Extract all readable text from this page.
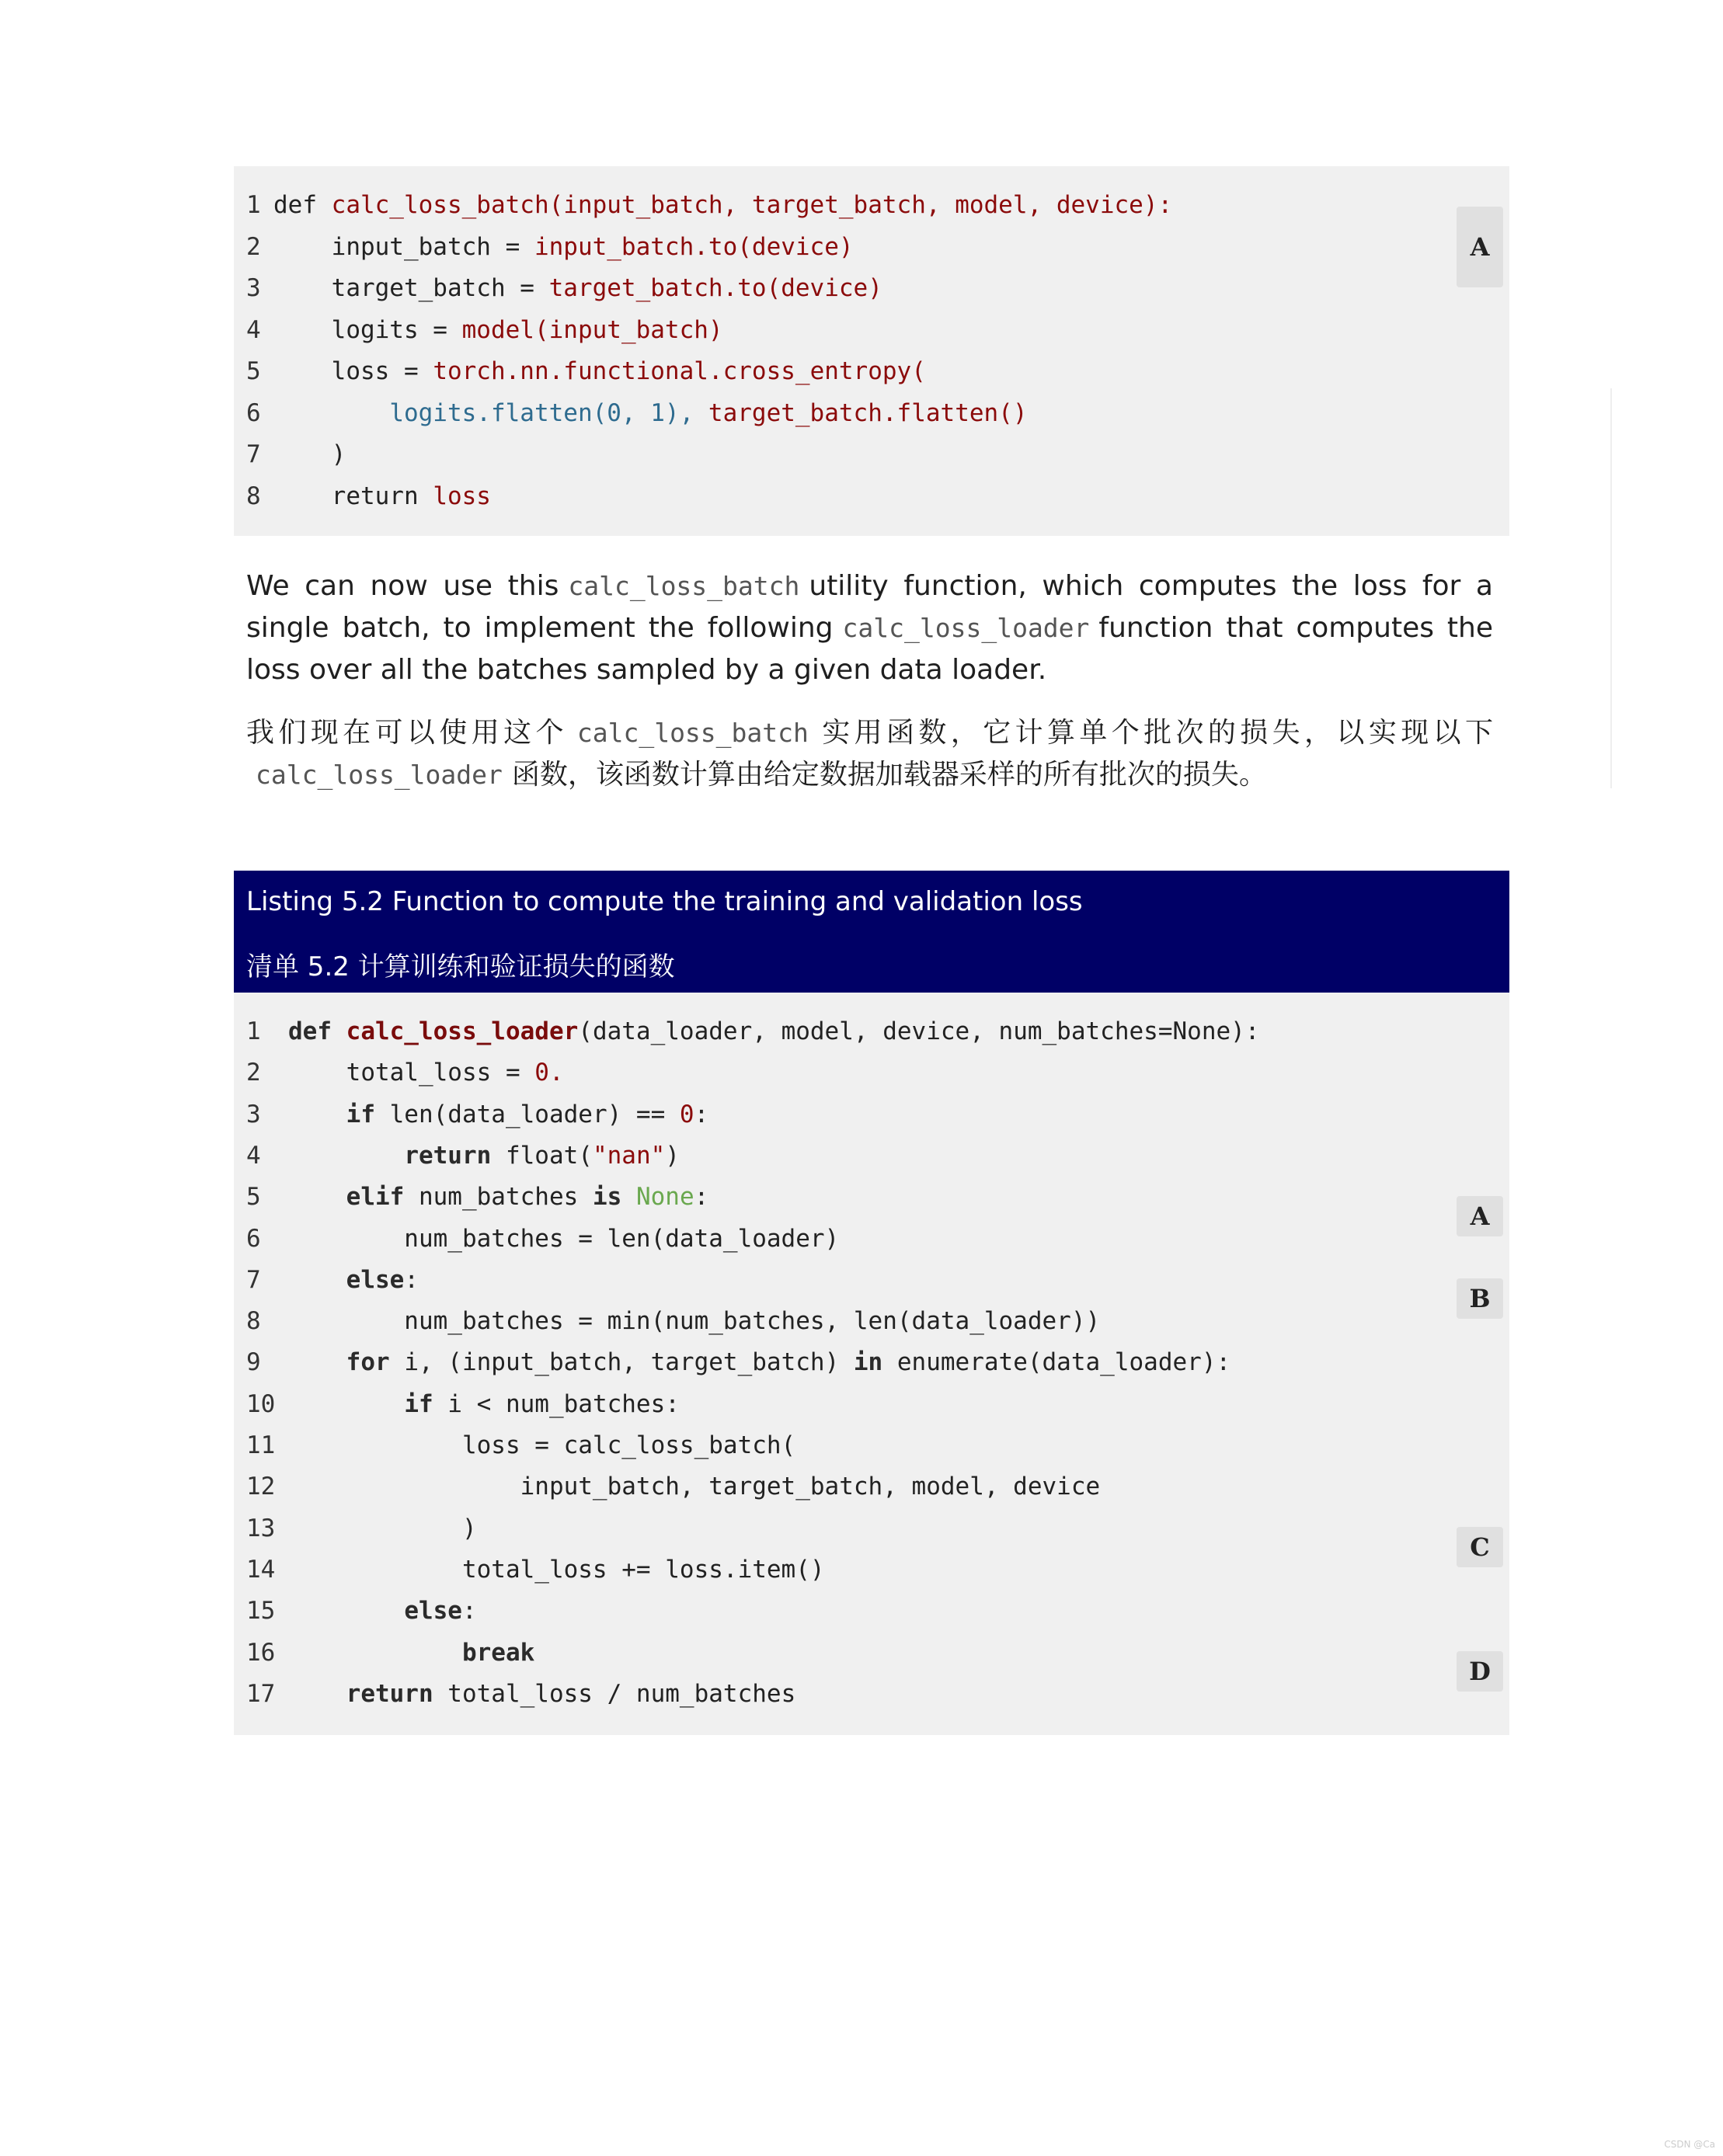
1 def calc_loss_batch(input_batch, target_batch, model, device):
2    input_batch = input_batch.to(device)
3    target_batch = target_batch.to(device)
4    logits = model(input_batch)
5    loss = torch.nn.functional.cross_entropy(
6	logits.flatten(0, 1), target_batch.flatten()
7    )
8    return loss
A
We can now use this calc_loss_batch utility function, which computes the loss for a single batch, to implement the following calc_loss_loader function that computes the loss over all the batches sampled by a given data loader.
我们现在可以使用这个 calc_loss_batch 实用函数，它计算单个批次的损失，以实现以下calc_loss_loader 函数，该函数计算由给定数据加载器采样的所有批次的损失。
Listing 5.2 Function to compute the training and validation loss
清单 5.2 计算训练和验证损失的函数
1 def calc_loss_loader(data_loader, model, device, num_batches=None):
2    total_loss = 0.
3	if len(data_loader) == 0:
4	return float("nan")
5	elif num_batches is None:
6        num_batches = len(data_loader)
7	else:
8        num_batches = min(num_batches, len(data_loader))
9	for i, (input_batch, target_batch) in enumerate(data_loader):
10	if i < num_batches:
11            loss = calc_loss_batch(
12                input_batch, target_batch, model, device
13            )
14            total_loss += loss.item()
15	else:
16	break
17	return total_loss / num_batches
A
B
C
D
CSDN @Ca
